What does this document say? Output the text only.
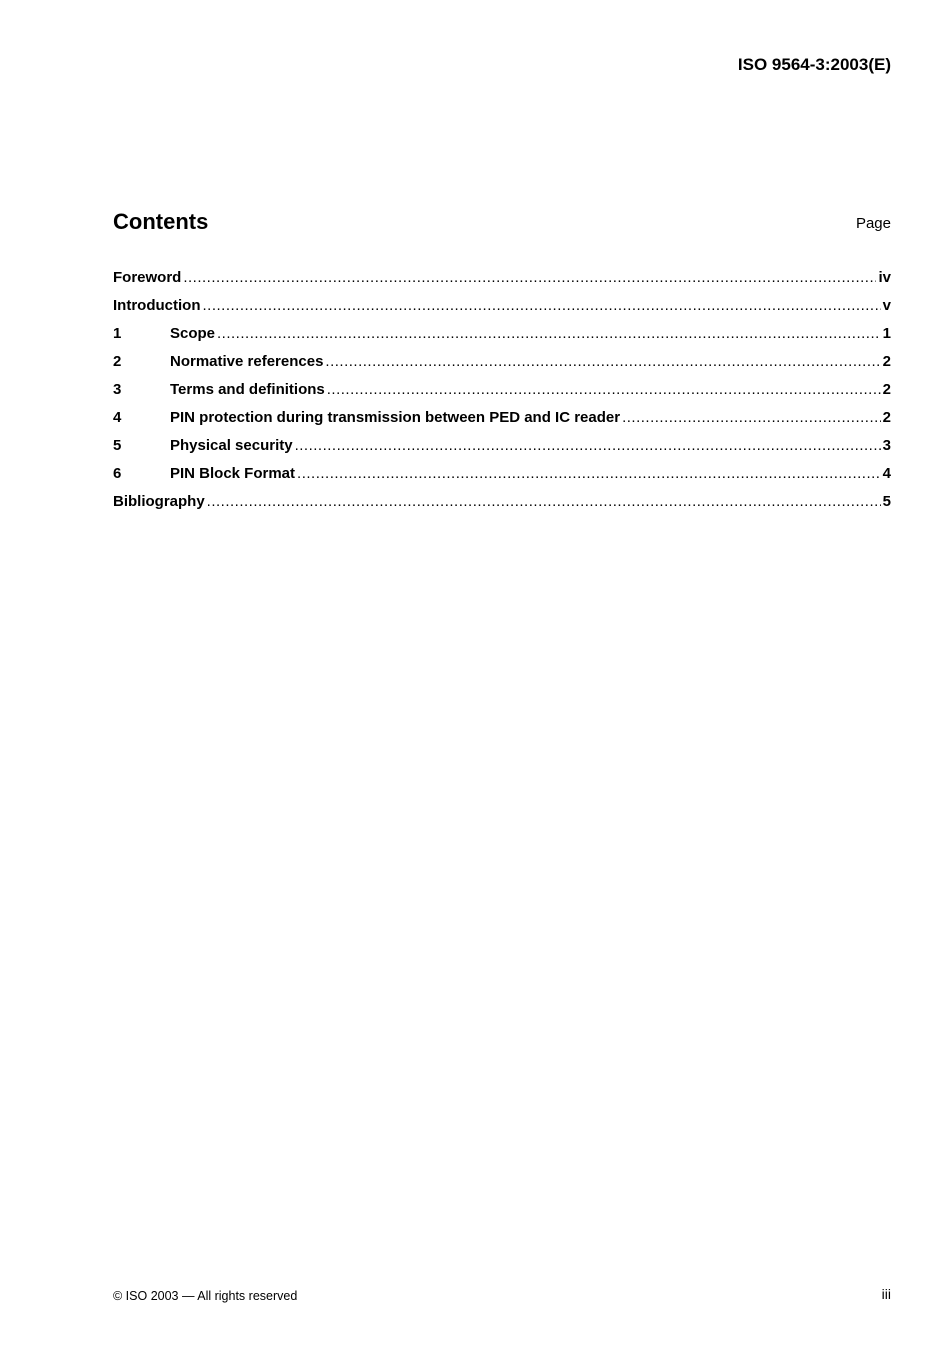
ISO 9564-3:2003(E)
Contents	Page
Foreword .....	iv
Introduction .....	v
1	Scope .....	1
2	Normative references .....	2
3	Terms and definitions .....	2
4	PIN protection during transmission between PED and IC reader .....	2
5	Physical security .....	3
6	PIN Block Format .....	4
Bibliography .....	5
© ISO 2003 — All rights reserved	iii
